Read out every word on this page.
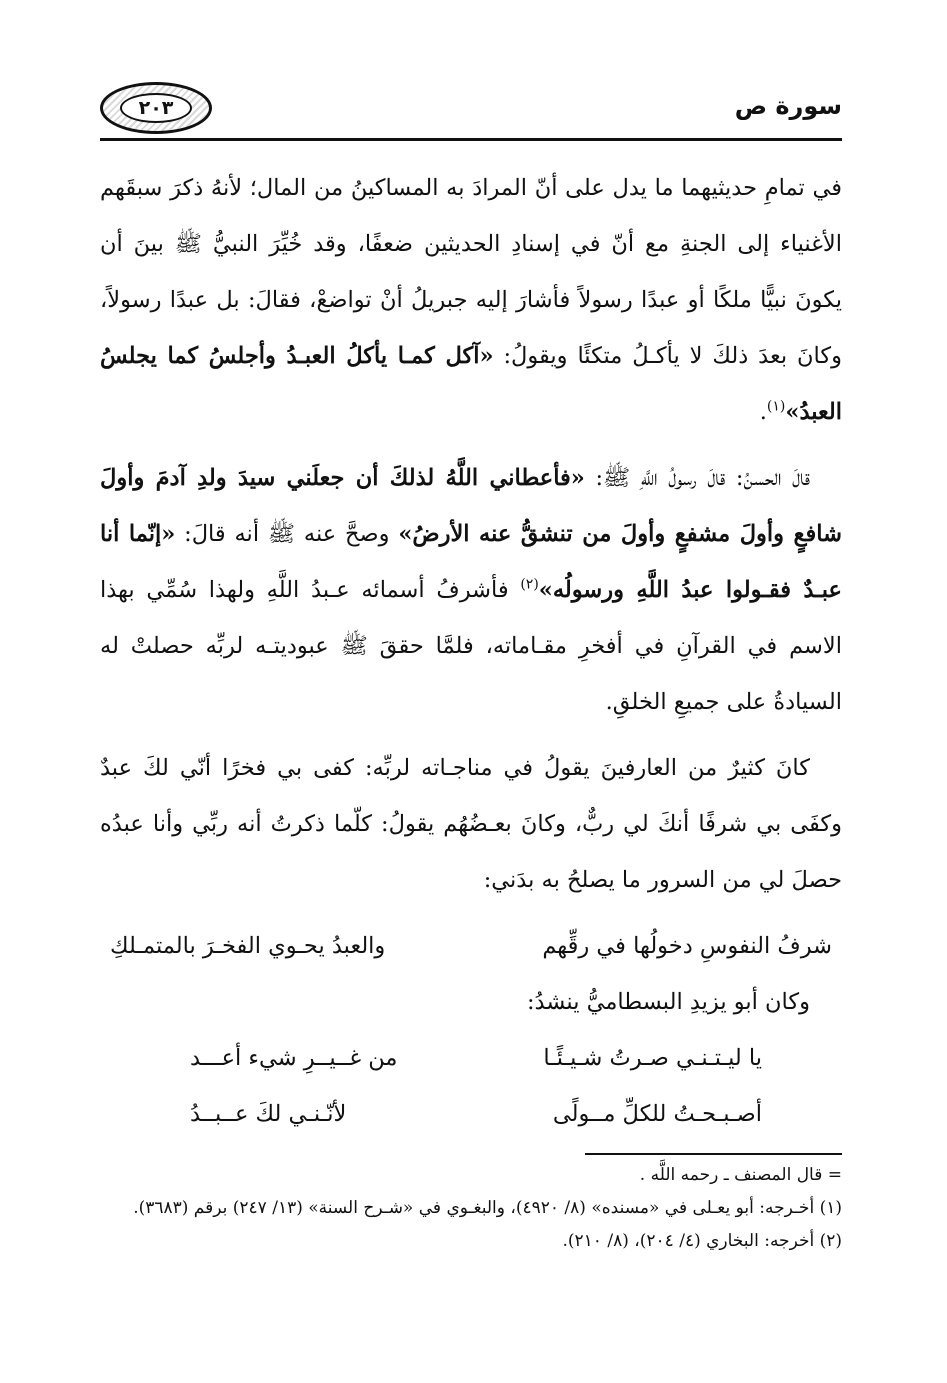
٢٠٣	سورة ص

في تمامِ حديثيهما ما يدل على أنّ المرادَ به المساكينُ من المال؛ لأنهُ ذكرَ سبقَهم الأغنياء إلى الجنةِ مع أنّ في إسنادِ الحديثين ضعفًا، وقد خُيِّرَ النبيُّ ﷺ بينَ أن يكونَ نبيًّا ملكًا أو عبدًا رسولاً فأشارَ إليه جبريلُ أنْ تواضعْ، فقالَ: بل عبدًا رسولاً، وكانَ بعدَ ذلكَ لا يأكـلُ متكئًا ويقولُ: «آكل كمـا يأكلُ العبـدُ وأجلسُ كما يجلسُ العبدُ»$^{(١)}$.

قالَ الحسنُ: قالَ رسولُ اللَّهِ ﷺ: «فأعطاني اللَّهُ لذلكَ أن جعلَني سيدَ ولدِ آدمَ وأولَ شافعٍ وأولَ مشفعٍ وأولَ من تنشقُّ عنه الأرضُ» وصحَّ عنه ﷺ أنه قالَ: «إنّما أنا عبـدٌ فقـولوا عبدُ اللَّهِ ورسولُه»$^{(٢)}$ فأشرفُ أسمائه عـبدُ اللَّهِ ولهذا سُمِّي بهذا الاسم في القرآنِ في أفخرِ مقـاماته، فلمَّا حققَ ﷺ عبوديتـه لربِّه حصلتْ له السيادةُ على جميعِ الخلقِ.

كانَ كثيرٌ من العارفينَ يقولُ في مناجـاته لربِّه: كفى بي فخرًا أنّي لكَ عبدٌ وكفَى بي شرفًا أنكَ لي ربٌّ، وكانَ بعـضُهُم يقولُ: كلّما ذكرتُ أنه ربِّي وأنا عبدُه حصلَ لي من السرور ما يصلحُ به بدَني:

شرفُ النفوسِ دخولُها في رقِّهم
والعبدُ يحـوي الفخـرَ بالمتمـلكِ

وكان أبو يزيدِ البسطاميُّ ينشدُ:

يا ليـتـنـي صـرتُ شـيـئًـا
من غــيــرِ شيء أعـــد
أصـبـحـتُ للكلِّ مــولًى
لأنّـنـي لكَ عــبــدُ

= قال المصنف ـ رحمه اللَّه .

(١) أخـرجه: أبو يعـلى في «مسنده» (٨/ ٤٩٢٠)، والبغـوي في «شـرح السنة» (١٣/ ٢٤٧) برقم (٣٦٨٣).

(٢) أخرجه: البخاري (٤/ ٢٠٤)، (٨/ ٢١٠).
